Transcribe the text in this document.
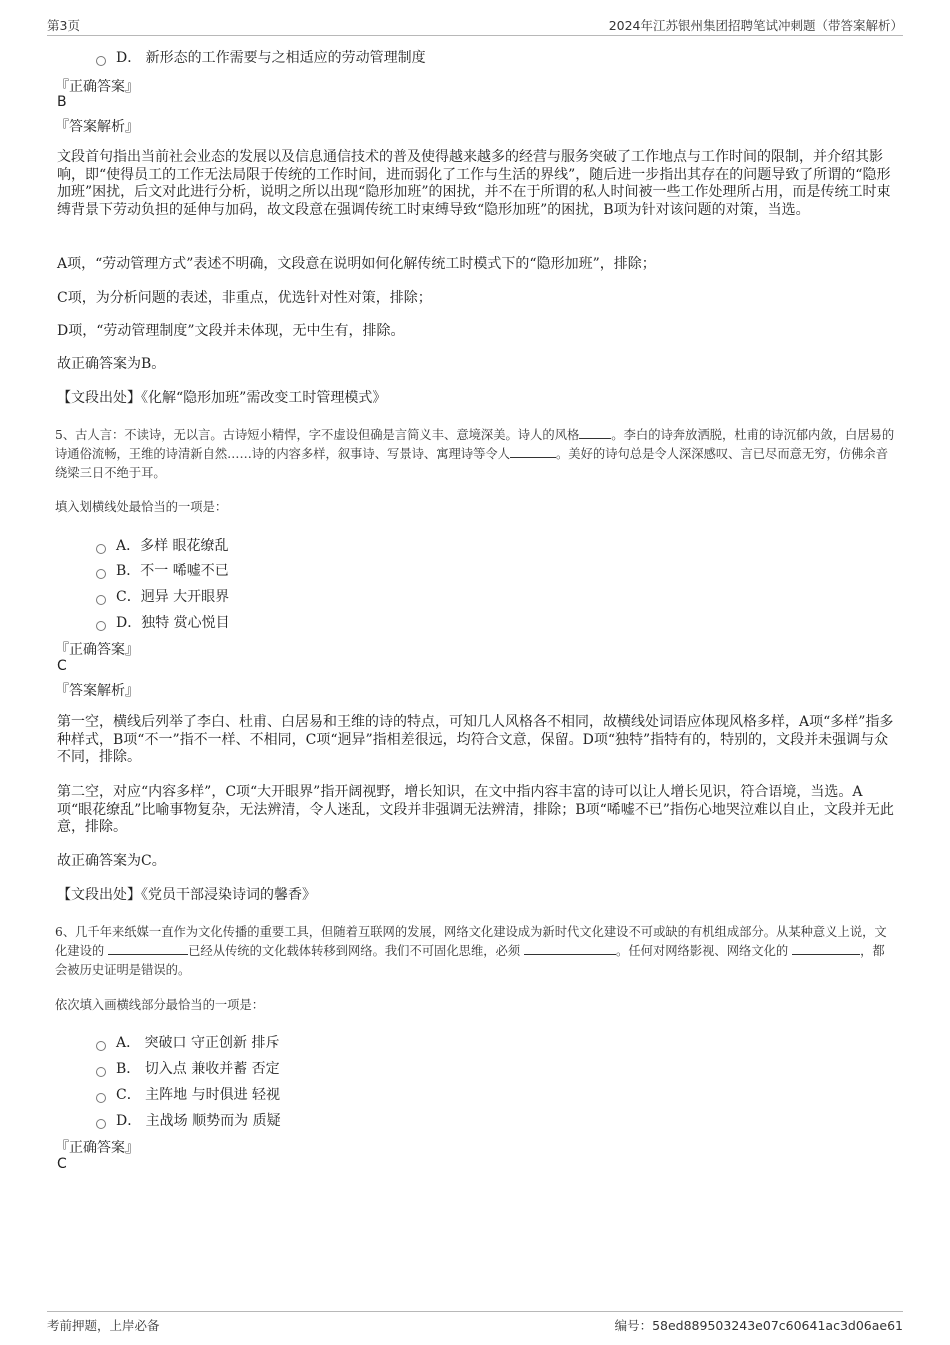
第3页	2024年江苏银州集团招聘笔试冲刺题（带答案解析）
D． 新形态的工作需要与之相适应的劳动管理制度
『正确答案』
B
『答案解析』
文段首句指出当前社会业态的发展以及信息通信技术的普及使得越来越多的经营与服务突破了工作地点与工作时间的限制，并介绍其影响，即“使得员工的工作无法局限于传统的工作时间，进而弱化了工作与生活的界线”，随后进一步指出其存在的问题导致了所谓的“隐形加班”困扰，后文对此进行分析，说明之所以出现“隐形加班”的困扰，并不在于所谓的私人时间被一些工作处理所占用，而是传统工时束缚背景下劳动负担的延伸与加码，故文段意在强调传统工时束缚导致“隐形加班”的困扰，B项为针对该问题的对策，当选。
A项，“劳动管理方式”表述不明确，文段意在说明如何化解传统工时模式下的“隐形加班”，排除；
C项，为分析问题的表述，非重点，优选针对性对策，排除；
D项，“劳动管理制度”文段并未体现，无中生有，排除。
故正确答案为B。
【文段出处】《化解“隐形加班”需改变工时管理模式》
5、古人言：不读诗，无以言。古诗短小精悍，字不虚设但确是言简义丰、意境深美。诗人的风格	。李白的诗奔放洒脱，杜甫的诗沉郁内敛，白居易的诗通俗流畅，王维的诗清新自然……诗的内容多样，叙事诗、写景诗、寓理诗等令人	。美好的诗句总是令人深深感叹、言已尽而意无穷，仿佛余音绕梁三日不绝于耳。
填入划横线处最恰当的一项是：
A．多样 眼花缭乱
B．不一 唏嘘不已
C．迥异 大开眼界
D．独特 赏心悦目
『正确答案』
C
『答案解析』
第一空，横线后列举了李白、杜甫、白居易和王维的诗的特点，可知几人风格各不相同，故横线处词语应体现风格多样，A项“多样”指多种样式，B项“不一”指不一样、不相同，C项“迥异”指相差很远，均符合文意，保留。D项“独特”指特有的，特别的，文段并未强调与众不同，排除。
第二空，对应“内容多样”，C项“大开眼界”指开阔视野，增长知识，在文中指内容丰富的诗可以让人增长见识，符合语境，当选。A项“眼花缭乱”比喻事物复杂，无法辨清，令人迷乱，文段并非强调无法辨清，排除；B项“唏嘘不已”指伤心地哭泣难以自止，文段并无此意，排除。
故正确答案为C。
【文段出处】《党员干部浸染诗词的馨香》
6、几千年来纸媒一直作为文化传播的重要工具，但随着互联网的发展，网络文化建设成为新时代文化建设不可或缺的有机组成部分。从某种意义上说，文化建设的	已经从传统的文化载体转移到网络。我们不可固化思维，必须	。任何对网络影视、网络文化的	，都会被历史证明是错误的。
依次填入画横线部分最恰当的一项是：
A． 突破口 守正创新 排斥
B． 切入点 兼收并蓄 否定
C． 主阵地 与时俱进 轻视
D． 主战场 顺势而为 质疑
『正确答案』
C
考前押题，上岸必备	编号：58ed889503243e07c60641ac3d06ae61
